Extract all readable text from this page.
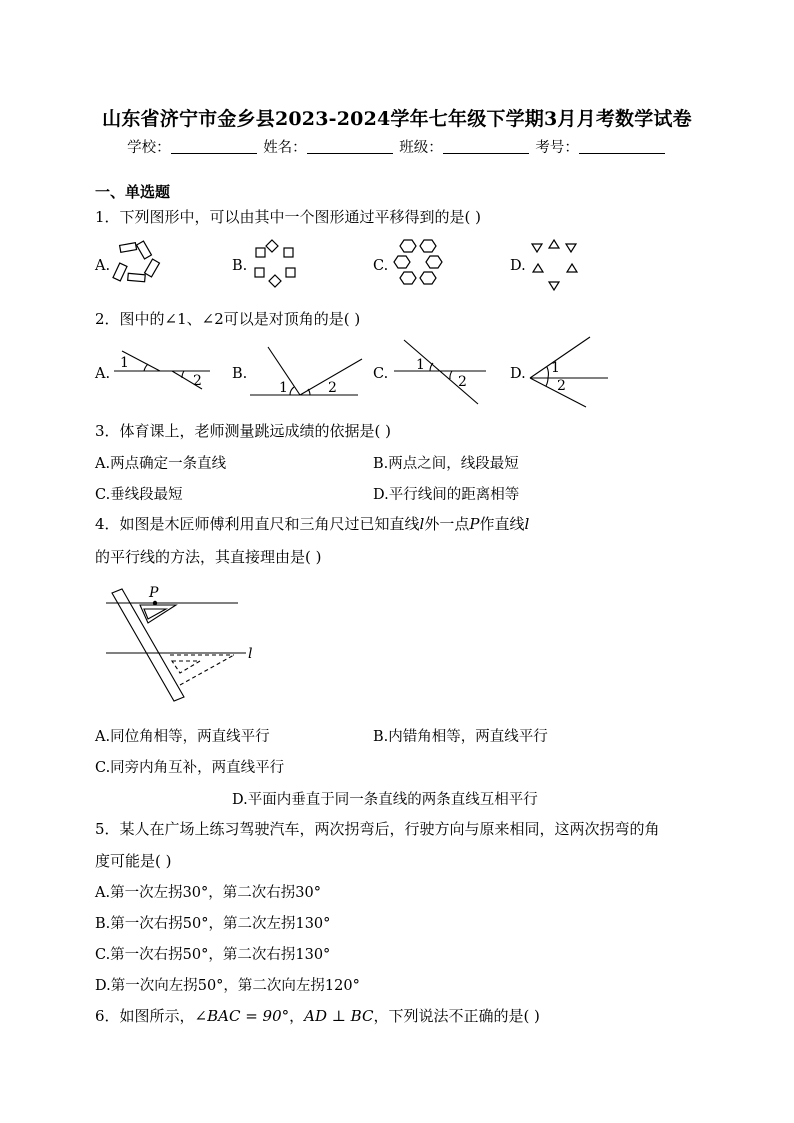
山东省济宁市金乡县2023-2024学年七年级下学期3月月考数学试卷
学校：	姓名：	班级：	考号：
一、单选题
1．下列图形中，可以由其中一个图形通过平移得到的是( )
A.	B.	C.	D.
2．图中的∠1、∠2可以是对顶角的是( )
A.
1
2 B.
1	2
C.
1
2	D. 1
2
3．体育课上，老师测量跳远成绩的依据是( )
A.两点确定一条直线	B.两点之间，线段最短
C.垂线段最短	D.平行线间的距离相等
4．如图是木匠师傅利用直尺和三角尺过已知直线l外一点P作直线l
的平行线的方法，其直接理由是( )
P
l
A.同位角相等，两直线平行	B.内错角相等，两直线平行
C.同旁内角互补，两直线平行
D.平面内垂直于同一条直线的两条直线互相平行
5．某人在广场上练习驾驶汽车，两次拐弯后，行驶方向与原来相同，这两次拐弯的角
度可能是( )
A.第一次左拐30°，第二次右拐30°
B.第一次右拐50°，第二次左拐130°
C.第一次右拐50°，第二次右拐130°
D.第一次向左拐50°，第二次向左拐120°
6．如图所示，∠BAC = 90°，AD ⊥ BC，下列说法不正确的是( )
